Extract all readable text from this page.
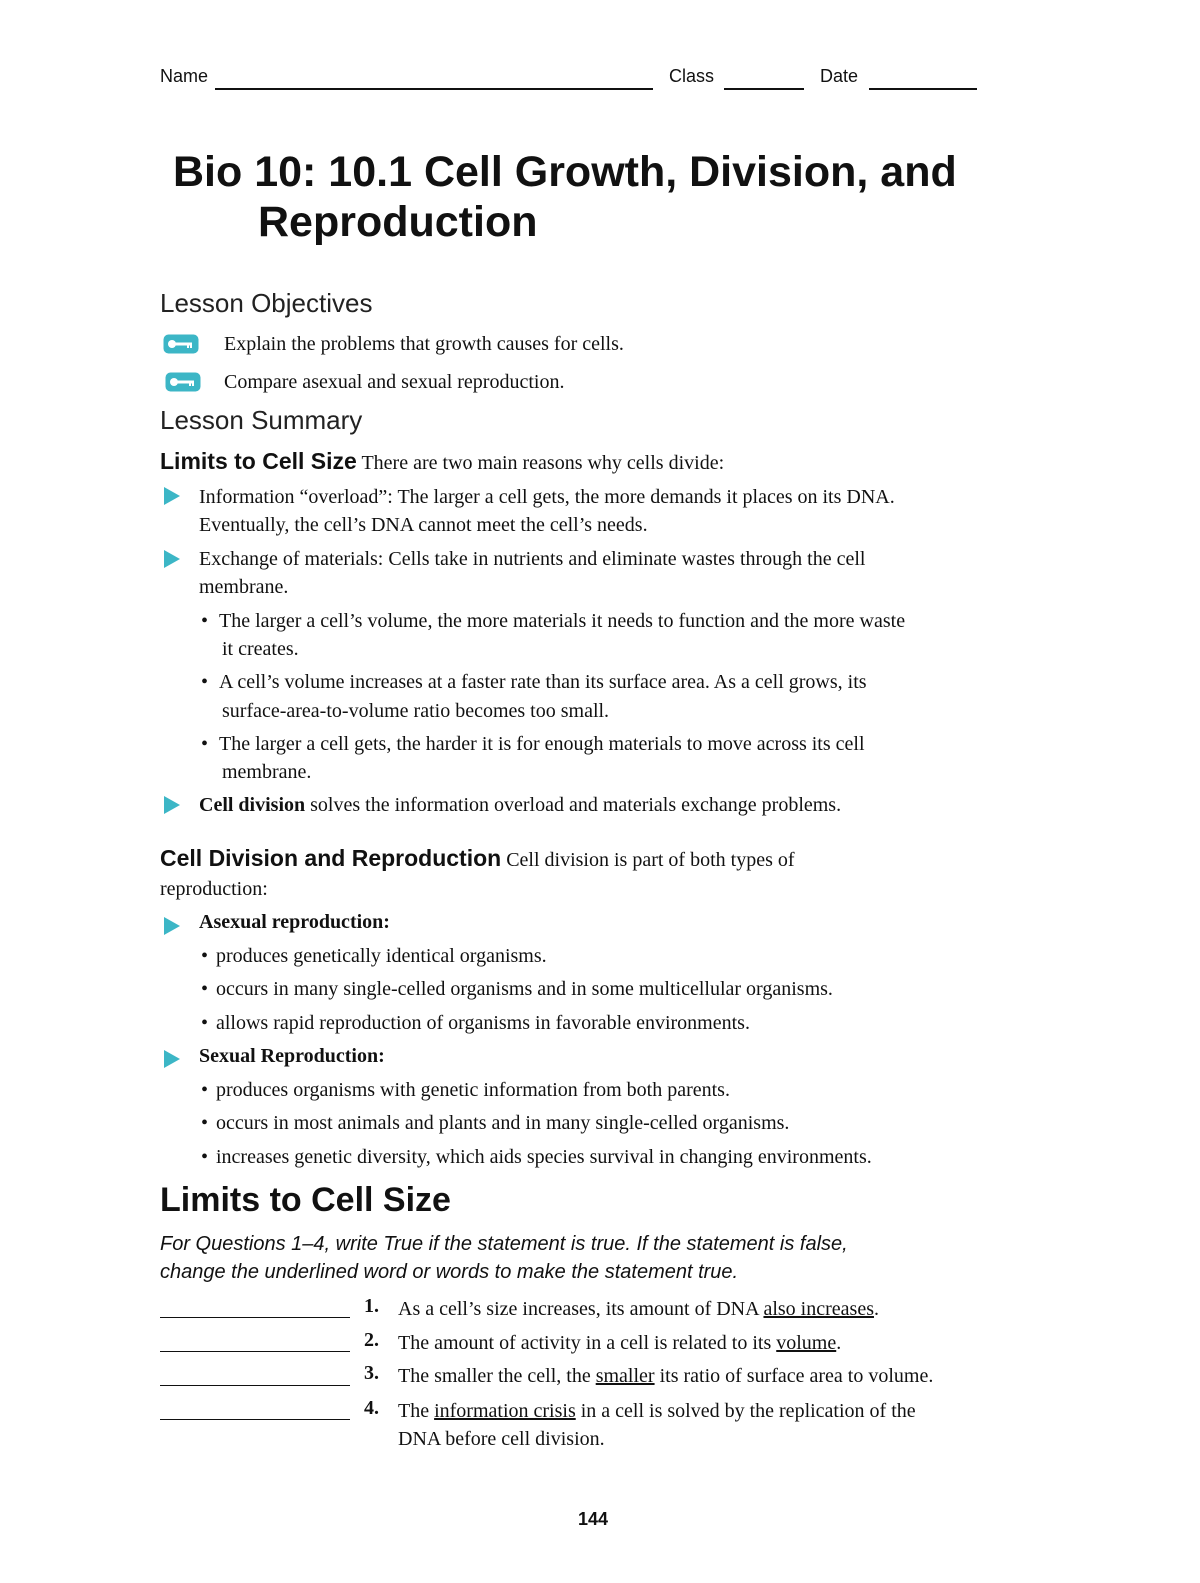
Name	Class	Date
Bio 10: 10.1 Cell Growth, Division, and
Reproduction
Lesson Objectives
Explain the problems that growth causes for cells.
Compare asexual and sexual reproduction.
Lesson Summary
Limits to Cell Size There are two main reasons why cells divide:
Information “overload”: The larger a cell gets, the more demands it places on its DNA.
Eventually, the cell’s DNA cannot meet the cell’s needs.
Exchange of materials: Cells take in nutrients and eliminate wastes through the cell
membrane.
• The larger a cell’s volume, the more materials it needs to function and the more waste
it creates.
• A cell’s volume increases at a faster rate than its surface area. As a cell grows, its
surface-area-to-volume ratio becomes too small.
• The larger a cell gets, the harder it is for enough materials to move across its cell
membrane.
Cell division solves the information overload and materials exchange problems.
Cell Division and Reproduction Cell division is part of both types of
reproduction:
Asexual reproduction:
• produces genetically identical organisms.
• occurs in many single-celled organisms and in some multicellular organisms.
• allows rapid reproduction of organisms in favorable environments.
Sexual Reproduction:
• produces organisms with genetic information from both parents.
• occurs in most animals and plants and in many single-celled organisms.
• increases genetic diversity, which aids species survival in changing environments.
Limits to Cell Size
For Questions 1–4, write True if the statement is true. If the statement is false,
change the underlined word or words to make the statement true.
1. As a cell’s size increases, its amount of DNA also increases.
2. The amount of activity in a cell is related to its volume.
3. The smaller the cell, the smaller its ratio of surface area to volume.
4. The information crisis in a cell is solved by the replication of the
DNA before cell division.
144
